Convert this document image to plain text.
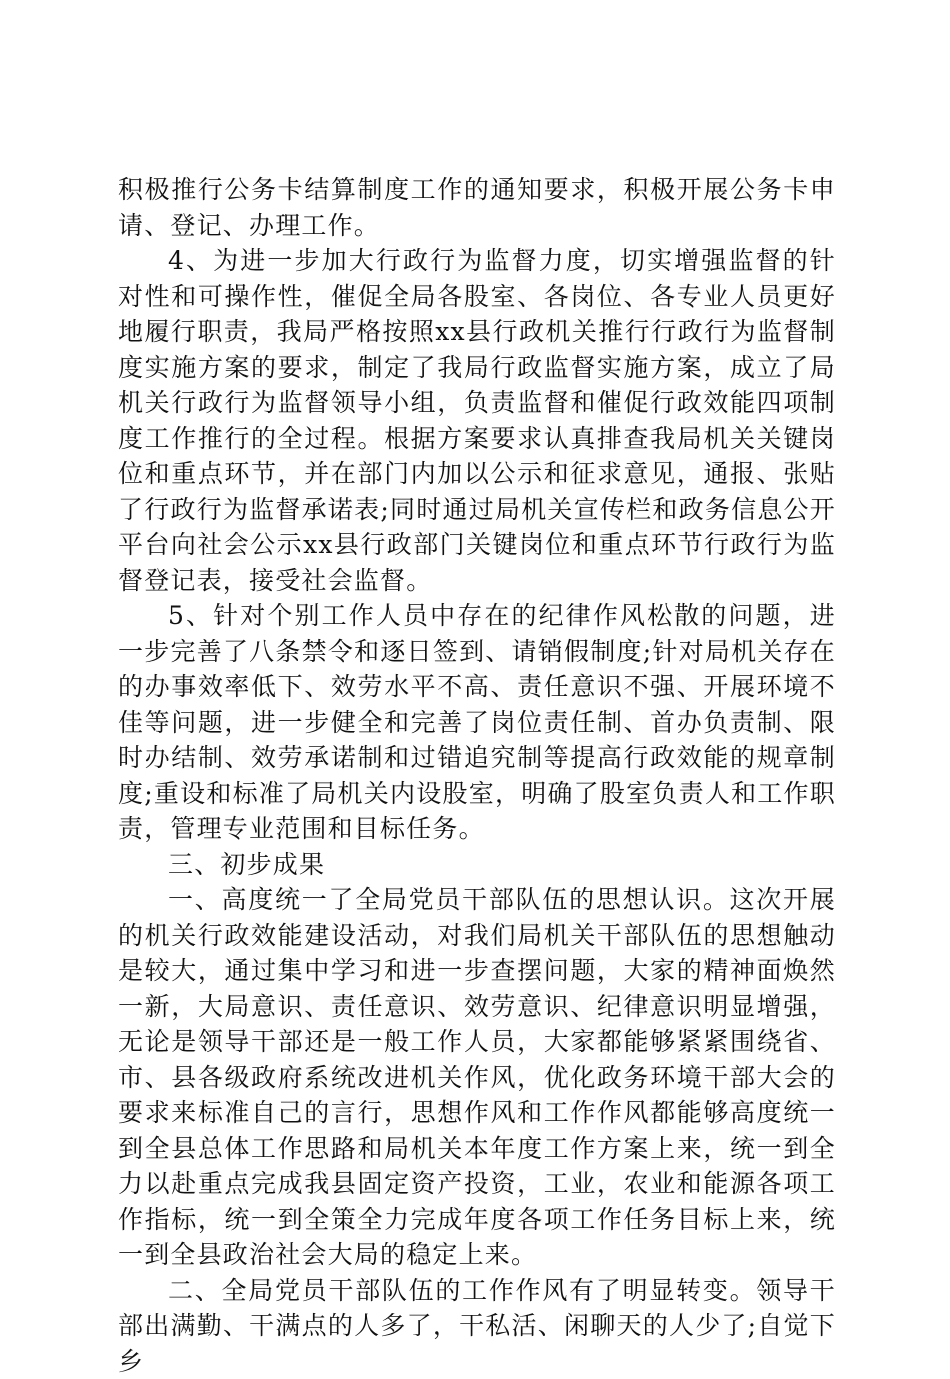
积极推行公务卡结算制度工作的通知要求，积极开展公务卡申请、登记、办理工作。

4、为进一步加大行政行为监督力度，切实增强监督的针对性和可操作性，催促全局各股室、各岗位、各专业人员更好地履行职责，我局严格按照xx县行政机关推行行政行为监督制度实施方案的要求，制定了我局行政监督实施方案，成立了局机关行政行为监督领导小组，负责监督和催促行政效能四项制度工作推行的全过程。根据方案要求认真排查我局机关关键岗位和重点环节，并在部门内加以公示和征求意见，通报、张贴了行政行为监督承诺表;同时通过局机关宣传栏和政务信息公开平台向社会公示xx县行政部门关键岗位和重点环节行政行为监督登记表，接受社会监督。

5、针对个别工作人员中存在的纪律作风松散的问题，进一步完善了八条禁令和逐日签到、请销假制度;针对局机关存在的办事效率低下、效劳水平不高、责任意识不强、开展环境不佳等问题，进一步健全和完善了岗位责任制、首办负责制、限时办结制、效劳承诺制和过错追究制等提高行政效能的规章制度;重设和标准了局机关内设股室，明确了股室负责人和工作职责，管理专业范围和目标任务。

三、初步成果

一、高度统一了全局党员干部队伍的思想认识。这次开展的机关行政效能建设活动，对我们局机关干部队伍的思想触动是较大，通过集中学习和进一步查摆问题，大家的精神面焕然一新，大局意识、责任意识、效劳意识、纪律意识明显增强，无论是领导干部还是一般工作人员，大家都能够紧紧围绕省、市、县各级政府系统改进机关作风，优化政务环境干部大会的要求来标准自己的言行，思想作风和工作作风都能够高度统一到全县总体工作思路和局机关本年度工作方案上来，统一到全力以赴重点完成我县固定资产投资，工业，农业和能源各项工作指标，统一到全策全力完成年度各项工作任务目标上来，统一到全县政治社会大局的稳定上来。

二、全局党员干部队伍的工作作风有了明显转变。领导干部出满勤、干满点的人多了，干私活、闲聊天的人少了;自觉下乡
